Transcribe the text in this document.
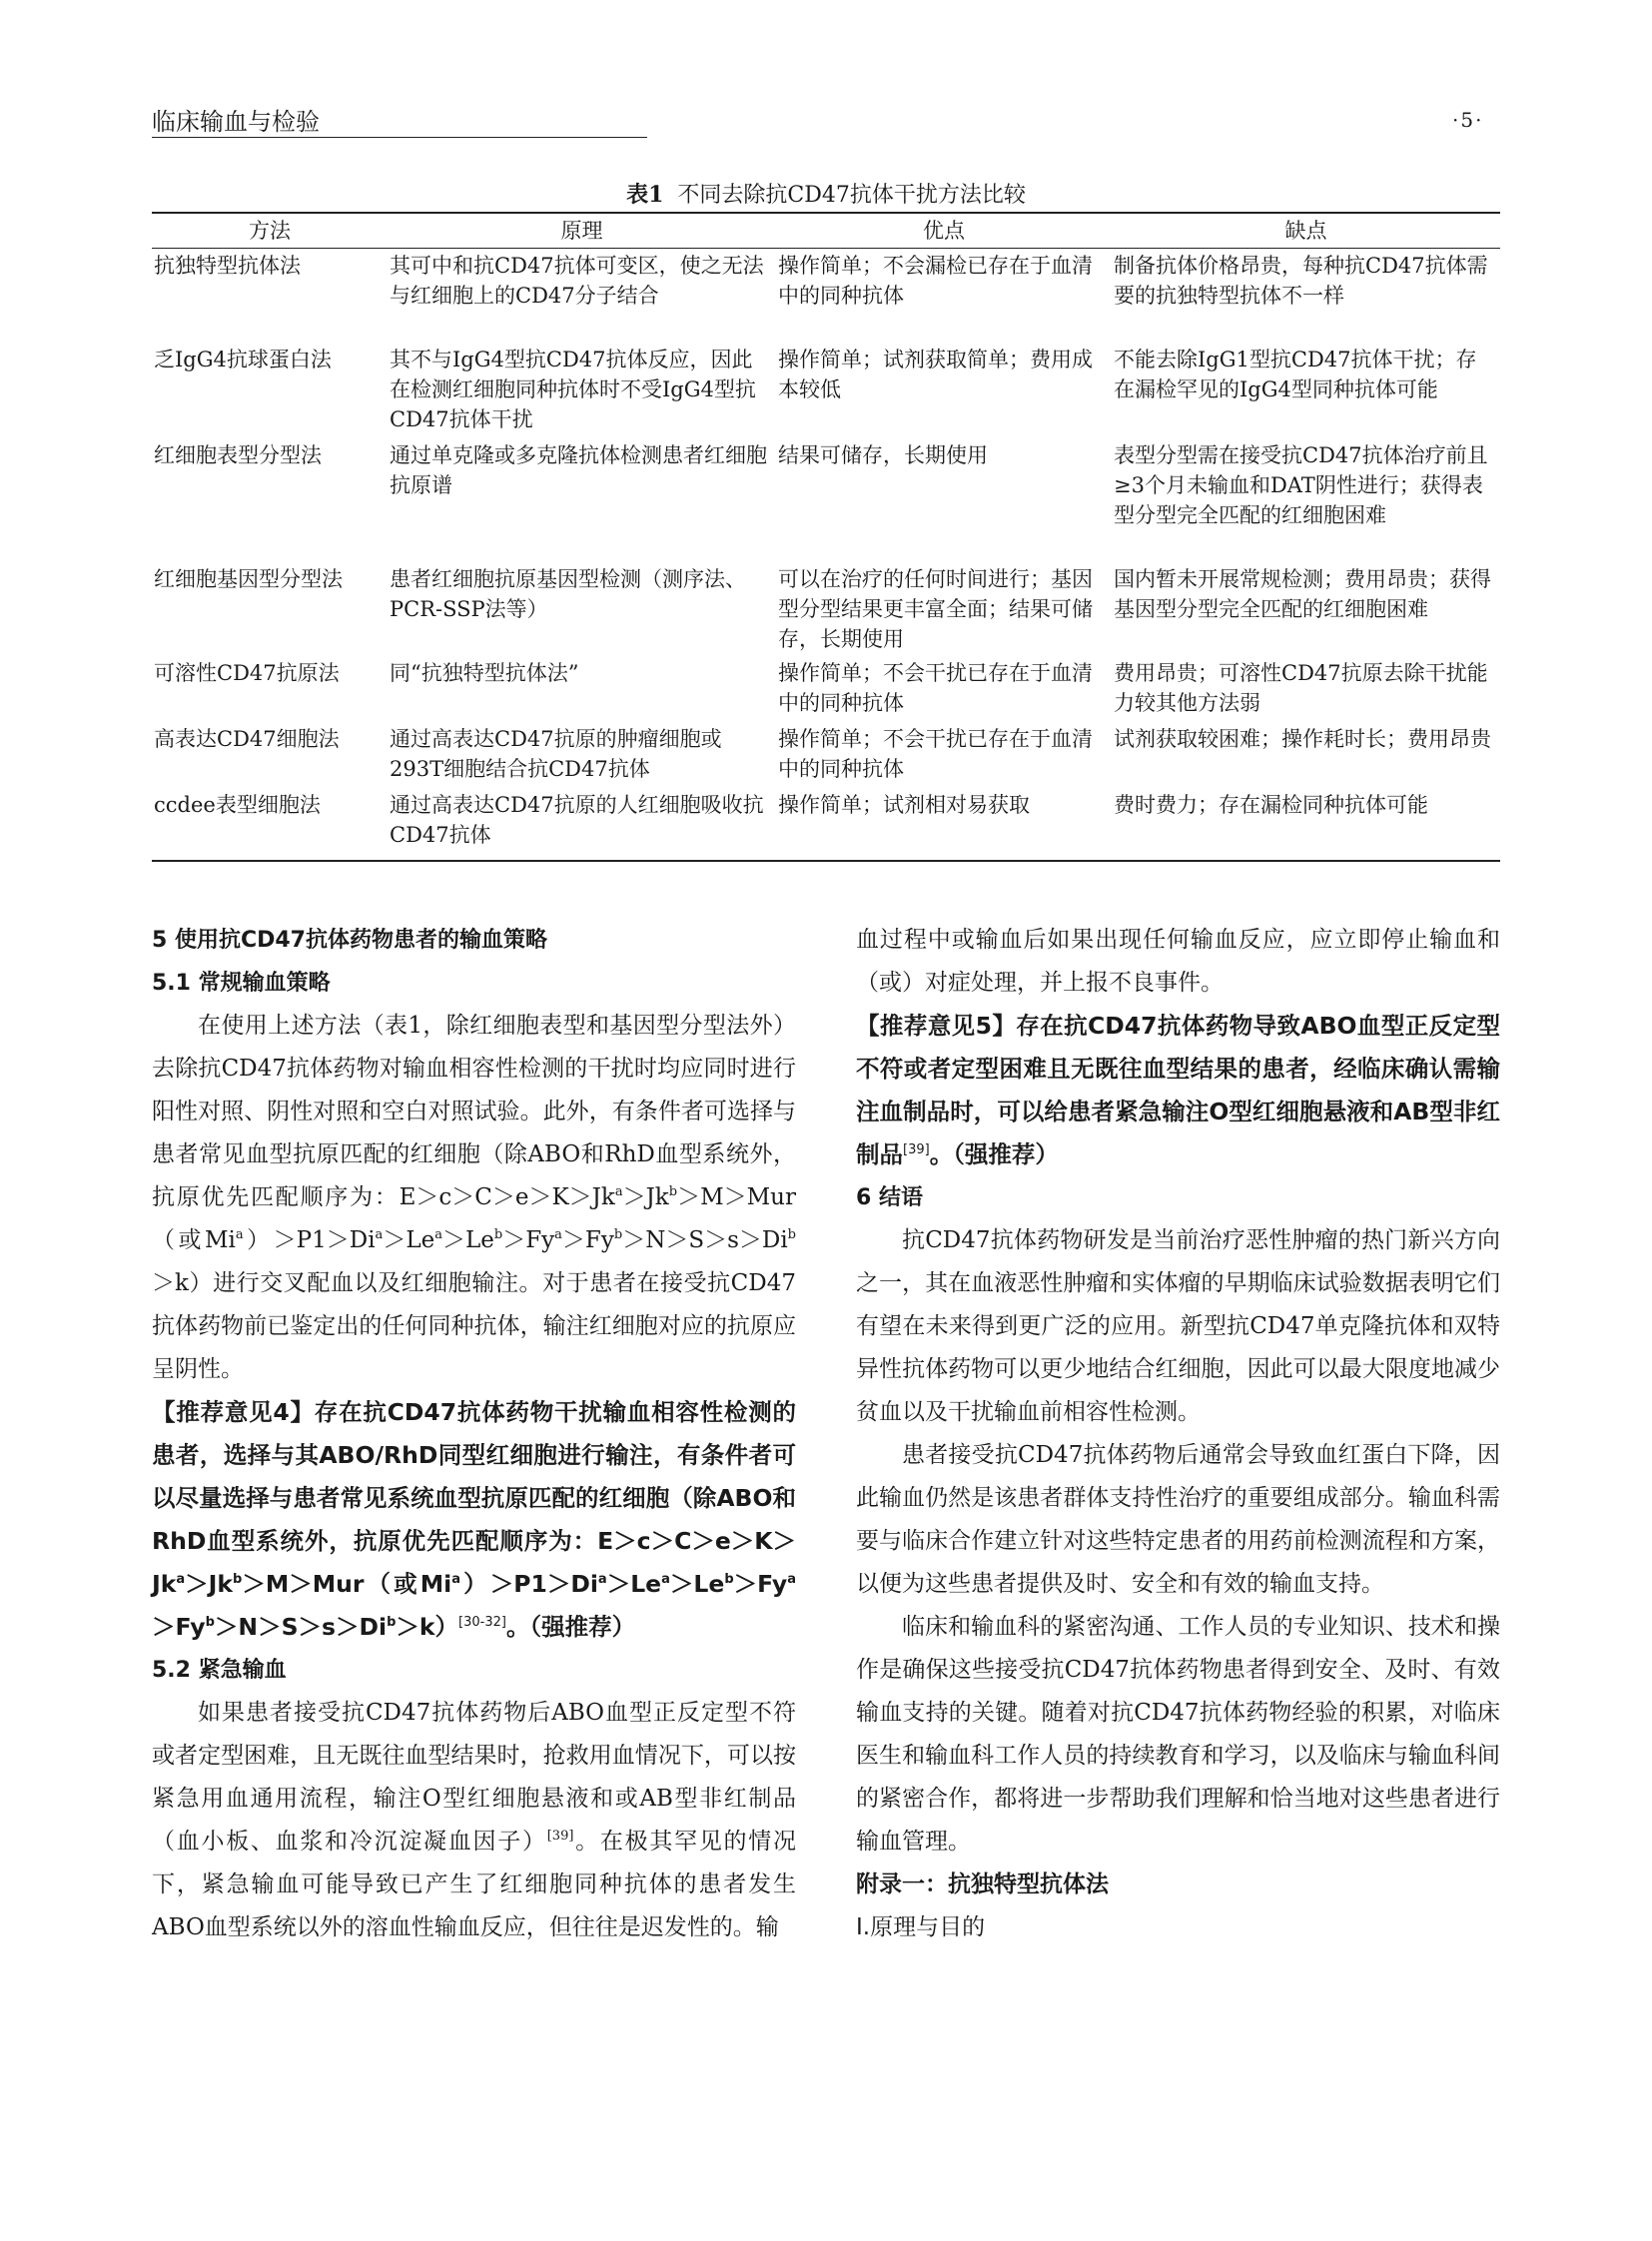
临床输血与检验	·5·
表1 不同去除抗CD47抗体干扰方法比较
方法	原理	优点	缺点
抗独特型抗体法	其可中和抗CD47抗体可变区，使之无法与红细胞上的CD47分子结合	操作简单；不会漏检已存在于血清中的同种抗体	制备抗体价格昂贵，每种抗CD47抗体需要的抗独特型抗体不一样
乏IgG4抗球蛋白法	其不与IgG4型抗CD47抗体反应，因此在检测红细胞同种抗体时不受IgG4型抗CD47抗体干扰	操作简单；试剂获取简单；费用成本较低	不能去除IgG1型抗CD47抗体干扰；存在漏检罕见的IgG4型同种抗体可能
红细胞表型分型法	通过单克隆或多克隆抗体检测患者红细胞抗原谱	结果可储存，长期使用	表型分型需在接受抗CD47抗体治疗前且≥3个月未输血和DAT阴性进行；获得表型分型完全匹配的红细胞困难
红细胞基因型分型法	患者红细胞抗原基因型检测（测序法、PCR-SSP法等）	可以在治疗的任何时间进行；基因型分型结果更丰富全面；结果可储存，长期使用	国内暂未开展常规检测；费用昂贵；获得基因型分型完全匹配的红细胞困难
可溶性CD47抗原法	同“抗独特型抗体法”	操作简单；不会干扰已存在于血清中的同种抗体	费用昂贵；可溶性CD47抗原去除干扰能力较其他方法弱
高表达CD47细胞法	通过高表达CD47抗原的肿瘤细胞或293T细胞结合抗CD47抗体	操作简单；不会干扰已存在于血清中的同种抗体	试剂获取较困难；操作耗时长；费用昂贵
ccdee表型细胞法	通过高表达CD47抗原的人红细胞吸收抗CD47抗体	操作简单；试剂相对易获取	费时费力；存在漏检同种抗体可能

5 使用抗CD47抗体药物患者的输血策略

5.1 常规输血策略

在使用上述方法（表1，除红细胞表型和基因型分型法外）去除抗CD47抗体药物对输血相容性检测的干扰时均应同时进行阳性对照、阴性对照和空白对照试验。此外，有条件者可选择与患者常见血型抗原匹配的红细胞（除ABO和RhD血型系统外，抗原优先匹配顺序为：$E>c>C>e>K>Jk^a>Jk^b>M>Mur$（或$Mi^a)>P1>Di^a>Le^a>Le^b>Fy^a>Fy^b>N>S>s>Di^b>k$）进行交叉配血以及红细胞输注。对于患者在接受抗CD47抗体药物前已鉴定出的任何同种抗体，输注红细胞对应的抗原应呈阴性。

【推荐意见4】存在抗CD47抗体药物干扰输血相容性检测的患者，选择与其ABO/RhD同型红细胞进行输注，有条件者可以尽量选择与患者常见系统血型抗原匹配的红细胞（除ABO和RhD血型系统外，抗原优先匹配顺序为：$E>c>C>e>K>Jk^a>Jk^b>M>Mur$（或$Mi^a)>P1>Di^a>Le^a>Le^b>Fy^a>Fy^b>N>S>s>Di^b>k)[30-32]$。（强推荐）

5.2 紧急输血

如果患者接受抗CD47抗体药物后ABO血型正反定型不符或者定型困难，且无既往血型结果时，抢救用血情况下，可以按紧急用血通用流程，输注O型红细胞悬液和或AB型非红制品（血小板、血浆和冷沉淀凝血因子）[39]。在极其罕见的情况下，紧急输血可能导致已产生了红细胞同种抗体的患者发生ABO血型系统以外的溶血性输血反应，但往往是迟发性的。输

血过程中或输血后如果出现任何输血反应，应立即停止输血和（或）对症处理，并上报不良事件。

【推荐意见5】存在抗CD47抗体药物导致ABO血型正反定型不符或者定型困难且无既往血型结果的患者，经临床确认需输注血制品时，可以给患者紧急输注O型红细胞悬液和AB型非红制品[39]。（强推荐）

6 结语

抗CD47抗体药物研发是当前治疗恶性肿瘤的热门新兴方向之一，其在血液恶性肿瘤和实体瘤的早期临床试验数据表明它们有望在未来得到更广泛的应用。新型抗CD47单克隆抗体和双特异性抗体药物可以更少地结合红细胞，因此可以最大限度地减少贫血以及干扰输血前相容性检测。

患者接受抗CD47抗体药物后通常会导致血红蛋白下降，因此输血仍然是该患者群体支持性治疗的重要组成部分。输血科需要与临床合作建立针对这些特定患者的用药前检测流程和方案，以便为这些患者提供及时、安全和有效的输血支持。

临床和输血科的紧密沟通、工作人员的专业知识、技术和操作是确保这些接受抗CD47抗体药物患者得到安全、及时、有效输血支持的关键。随着对抗CD47抗体药物经验的积累，对临床医生和输血科工作人员的持续教育和学习，以及临床与输血科间的紧密合作，都将进一步帮助我们理解和恰当地对这些患者进行输血管理。

附录一：抗独特型抗体法

Ⅰ.原理与目的
